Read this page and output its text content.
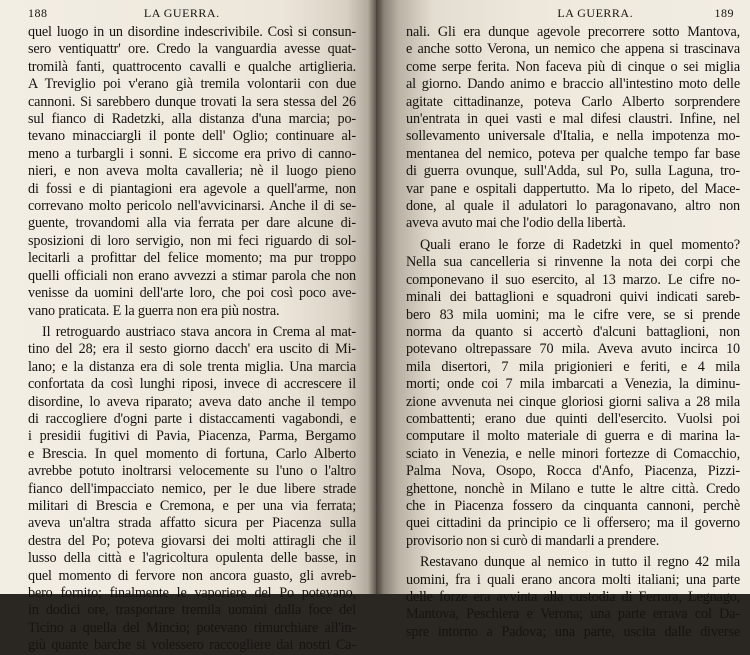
188	LA GUERRA.
quel luogo in un disordine indescrivibile. Così si consun-
sero ventiquattr' ore. Credo la vanguardia avesse quat-
tromilà fanti, quattrocento cavalli e qualche artiglieria.
A Treviglio poi v'erano già tremila volontarii con due
cannoni. Si sarebbero dunque trovati la sera stessa del 26
sul fianco di Radetzki, alla distanza d'una marcia; po-
tevano minacciargli il ponte dell' Oglio; continuare al-
meno a turbargli i sonni. E siccome era privo di canno-
nieri, e non aveva molta cavalleria; nè il luogo pieno
di fossi e di piantagioni era agevole a quell'arme, non
correvano molto pericolo nell'avvicinarsi. Anche il di se-
guente, trovandomi alla via ferrata per dare alcune di-
sposizioni di loro servigio, non mi feci riguardo di sol-
lecitarli a profittar del felice momento; ma pur troppo
quelli officiali non erano avvezzi a stimar parola che non
venisse da uomini dell'arte loro, che poi così poco ave-
vano praticata. E la guerra non era più nostra.
Il retroguardo austriaco stava ancora in Crema al mat-
tino del 28; era il sesto giorno dacch' era uscito di Mi-
lano; e la distanza era di sole trenta miglia. Una marcia
confortata da così lunghi riposi, invece di accrescere il
disordine, lo aveva riparato; aveva dato anche il tempo
di raccogliere d'ogni parte i distaccamenti vagabondi, e
i presidii fugitivi di Pavia, Piacenza, Parma, Bergamo
e Brescia. In quel momento di fortuna, Carlo Alberto
avrebbe potuto inoltrarsi velocemente su l'uno o l'altro
fianco dell'impacciato nemico, per le due libere strade
militari di Brescia e Cremona, e per una via ferrata;
aveva un'altra strada affatto sicura per Piacenza sulla
destra del Po; poteva giovarsi dei molti attiragli che il
lusso della città e l'agricoltura opulenta delle basse, in
quel momento di fervore non ancora guasto, gli avreb-
bero fornito; finalmente le vaporiere del Po potevano,
in dodici ore, trasportare tremila uomini dalla foce del
Ticino a quella del Mincio; potevano rimurchiare all'in-
giù quante barche si volessero raccogliere dai nostri Ca-
LA GUERRA.	189
nali. Gli era dunque agevole precorrere sotto Mantova,
e anche sotto Verona, un nemico che appena si trascinava
come serpe ferita. Non faceva più di cinque o sei miglia
al giorno. Dando animo e braccio all'intestino moto delle
agitate cittadinanze, poteva Carlo Alberto sorprendere
un'entrata in quei vasti e mal difesi claustri. Infine, nel
sollevamento universale d'Italia, e nella impotenza mo-
mentanea del nemico, poteva per qualche tempo far base
di guerra ovunque, sull'Adda, sul Po, sulla Laguna, tro-
var pane e ospitali dappertutto. Ma lo ripeto, del Mace-
done, al quale il adulatori lo paragonavano, altro non
aveva avuto mai che l'odio della libertà.
Quali erano le forze di Radetzki in quel momento?
Nella sua cancelleria si rinvenne la nota dei corpi che
componevano il suo esercito, al 13 marzo. Le cifre no-
minali dei battaglioni e squadroni quivi indicati sareb-
bero 83 mila uomini; ma le cifre vere, se si prende
norma da quanto si accertò d'alcuni battaglioni, non
potevano oltrepassare 70 mila. Aveva avuto incirca 10
mila disertori, 7 mila prigionieri e feriti, e 4 mila
morti; onde coi 7 mila imbarcati a Venezia, la diminu-
zione avvenuta nei cinque gloriosi giorni saliva a 28 mila
combattenti; erano due quinti dell'esercito. Vuolsi poi
computare il molto materiale di guerra e di marina la-
sciato in Venezia, e nelle minori fortezze di Comacchio,
Palma Nova, Osopo, Rocca d'Anfo, Piacenza, Pizzi-
ghettone, nonchè in Milano e tutte le altre città. Credo
che in Piacenza fossero da cinquanta cannoni, perchè
quei cittadini da principio ce li offersero; ma il governo
provisorio non si curò di mandarli a prendere.
Restavano dunque al nemico in tutto il regno 42 mila
uomini, fra i quali erano ancora molti italiani; una parte
delle forze era avvinta alla custodia di Ferrara, Legnago,
Mantova, Peschiera e Verona; una parte errava col Da-
spre intorno a Padova; una parte, uscita dalle diverse
